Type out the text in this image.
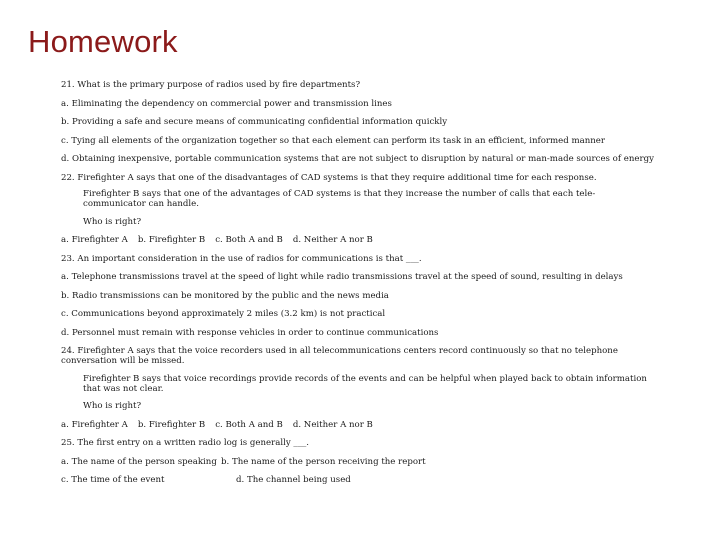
Homework
21. What is the primary purpose of radios used by fire departments?
a. Eliminating the dependency on commercial power and transmission lines
b. Providing a safe and secure means of communicating confidential information quickly
c. Tying all elements of the organization together so that each element can perform its task in an efficient, informed manner
d. Obtaining inexpensive, portable communication systems that are not subject to disruption by natural or man-made sources of energy
22. Firefighter A says that one of the disadvantages of CAD systems is that they require additional time for each response.
Firefighter B says that one of the advantages of CAD systems is that they increase the number of calls that each tele-communicator can handle.
Who is right?
a. Firefighter A b. Firefighter B c. Both A and B d. Neither A nor B
23. An important consideration in the use of radios for communications is that ___.
a. Telephone transmissions travel at the speed of light while radio transmissions travel at the speed of sound, resulting in delays
b. Radio transmissions can be monitored by the public and the news media
c. Communications beyond approximately 2 miles (3.2 km) is not practical
d. Personnel must remain with response vehicles in order to continue communications
24. Firefighter A says that the voice recorders used in all telecommunications centers record continuously so that no telephone conversation will be missed.
Firefighter B says that voice recordings provide records of the events and can be helpful when played back to obtain information that was not clear.
Who is right?
a. Firefighter A b. Firefighter B c. Both A and B d. Neither A nor B
25. The first entry on a written radio log is generally ___.
a. The name of the person speaking b. The name of the person receiving the report
c. The time of the event	d. The channel being used
